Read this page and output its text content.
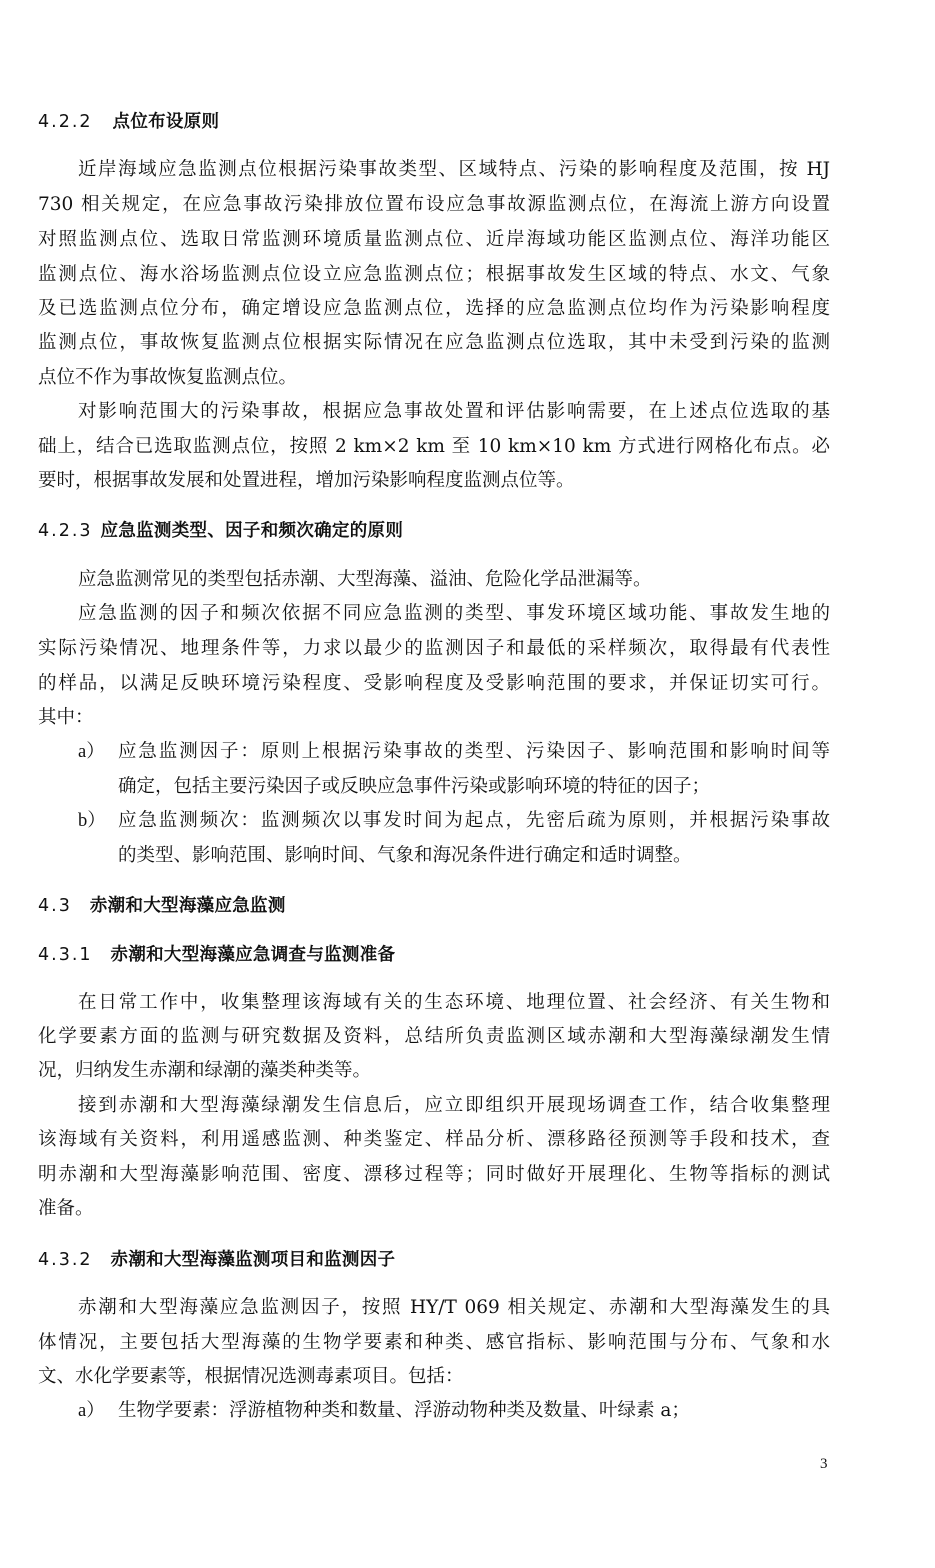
4.2.2 点位布设原则
近岸海域应急监测点位根据污染事故类型、区域特点、污染的影响程度及范围，按 HJ
730 相关规定，在应急事故污染排放位置布设应急事故源监测点位，在海流上游方向设置
对照监测点位、选取日常监测环境质量监测点位、近岸海域功能区监测点位、海洋功能区
监测点位、海水浴场监测点位设立应急监测点位；根据事故发生区域的特点、水文、气象
及已选监测点位分布，确定增设应急监测点位，选择的应急监测点位均作为污染影响程度
监测点位，事故恢复监测点位根据实际情况在应急监测点位选取，其中未受到污染的监测
点位不作为事故恢复监测点位。
对影响范围大的污染事故，根据应急事故处置和评估影响需要，在上述点位选取的基
础上，结合已选取监测点位，按照 2 km×2 km 至 10 km×10 km 方式进行网格化布点。必
要时，根据事故发展和处置进程，增加污染影响程度监测点位等。
4.2.3 应急监测类型、因子和频次确定的原则
应急监测常见的类型包括赤潮、大型海藻、溢油、危险化学品泄漏等。
应急监测的因子和频次依据不同应急监测的类型、事发环境区域功能、事故发生地的
实际污染情况、地理条件等，力求以最少的监测因子和最低的采样频次，取得最有代表性
的样品，以满足反映环境污染程度、受影响程度及受影响范围的要求，并保证切实可行。
其中：
a） 应急监测因子：原则上根据污染事故的类型、污染因子、影响范围和影响时间等
确定，包括主要污染因子或反映应急事件污染或影响环境的特征的因子；
b） 应急监测频次：监测频次以事发时间为起点，先密后疏为原则，并根据污染事故
的类型、影响范围、影响时间、气象和海况条件进行确定和适时调整。
4.3 赤潮和大型海藻应急监测
4.3.1 赤潮和大型海藻应急调查与监测准备
在日常工作中，收集整理该海域有关的生态环境、地理位置、社会经济、有关生物和
化学要素方面的监测与研究数据及资料，总结所负责监测区域赤潮和大型海藻绿潮发生情
况，归纳发生赤潮和绿潮的藻类种类等。
接到赤潮和大型海藻绿潮发生信息后，应立即组织开展现场调查工作，结合收集整理
该海域有关资料，利用遥感监测、种类鉴定、样品分析、漂移路径预测等手段和技术，查
明赤潮和大型海藻影响范围、密度、漂移过程等；同时做好开展理化、生物等指标的测试
准备。
4.3.2 赤潮和大型海藻监测项目和监测因子
赤潮和大型海藻应急监测因子，按照 HY/T 069 相关规定、赤潮和大型海藻发生的具
体情况，主要包括大型海藻的生物学要素和种类、感官指标、影响范围与分布、气象和水
文、水化学要素等，根据情况选测毒素项目。包括：
a） 生物学要素：浮游植物种类和数量、浮游动物种类及数量、叶绿素 a；
3
